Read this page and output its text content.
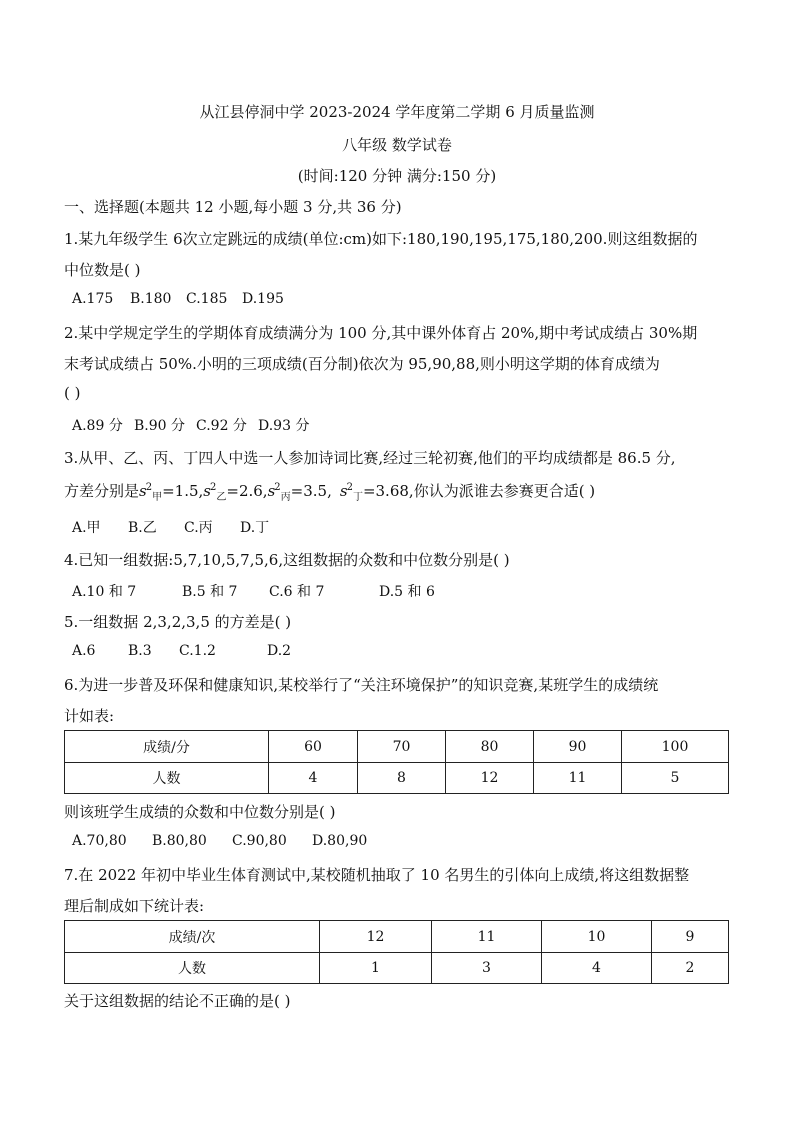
从江县停洞中学 2023-2024 学年度第二学期 6 月质量监测
八年级 数学试卷
(时间:120 分钟 满分:150 分)
一、选择题(本题共 12 小题,每小题 3 分,共 36 分)
1.某九年级学生 6次立定跳远的成绩(单位:cm)如下:180,190,195,175,180,200.则这组数据的
中位数是( )
A.175 B.180 C.185 D.195
2.某中学规定学生的学期体育成绩满分为 100 分,其中课外体育占 20%,期中考试成绩占 30%期
末考试成绩占 50%.小明的三项成绩(百分制)依次为 95,90,88,则小明这学期的体育成绩为
( )
A.89 分 B.90 分 C.92 分 D.93 分
3.从甲、乙、丙、丁四人中选一人参加诗词比赛,经过三轮初赛,他们的平均成绩都是 86.5 分,
方差分别是$s^2_甲=1.5,s^2_乙=2.6,s^2_丙=3.5$, $s^2_丁=3.68$,你认为派谁去参赛更合适( )
A.甲 B.乙 C.丙 D.丁
4.已知一组数据:5,7,10,5,7,5,6,这组数据的众数和中位数分别是( )
A.10 和 7	B.5 和 7 C.6 和 7	D.5 和 6
5.一组数据 2,3,2,3,5 的方差是( )
A.6 B.3 C.1.2	D.2
6.为进一步普及环保和健康知识,某校举行了“关注环境保护”的知识竞赛,某班学生的成绩统
计如表:
成绩/分	60	70	80	90	100
人数	4	8	12	11	5
则该班学生成绩的众数和中位数分别是( )
A.70,80 B.80,80 C.90,80 D.80,90
7.在 2022 年初中毕业生体育测试中,某校随机抽取了 10 名男生的引体向上成绩,将这组数据整
理后制成如下统计表:
成绩/次	12	11	10	9
人数	1	3	4	2
关于这组数据的结论不正确的是( )
